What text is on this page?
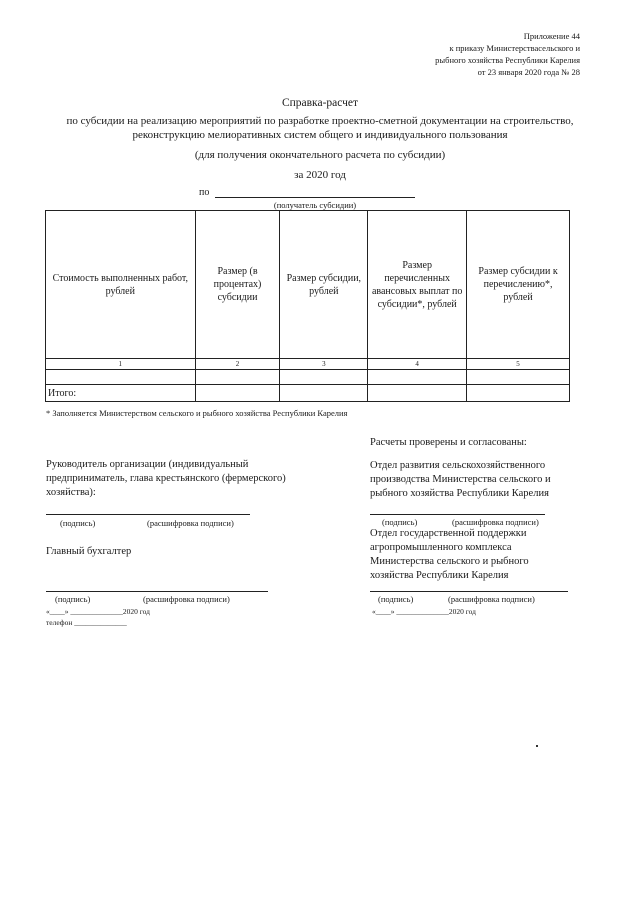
Приложение 44
к приказу Министерствасельского и
рыбного хозяйства Республики Карелия
от 23 января 2020 года № 28
Справка-расчет
по субсидии на реализацию мероприятий по разработке проектно-сметной документации на строительство,
реконструкцию мелиоративных систем общего и индивидуального пользования
(для получения окончательного расчета по субсидии)
за 2020 год
по
(получатель субсидии)
Стоимость выполненных работ, рублей	Размер (в процентах) субсидии	Размер субсидии, рублей	Размер перечисленных авансовых выплат по субсидии*, рублей	Размер субсидии к перечислению*, рублей
1	2	3	4	5

Итого:				
* Заполняется Министерством сельского и рыбного хозяйства Республики Карелия
Расчеты проверены и согласованы:
Отдел развития сельскохозяйственного
производства Министерства сельского и
рыбного хозяйства Республики Карелия
(подпись)	(расшифровка подписи)
Отдел государственной поддержки
агропромышленного комплекса
Министерства сельского и рыбного
хозяйства Республики Карелия
(подпись)	(расшифровка подписи)
«____» ______________2020 год
Руководитель организации (индивидуальный
предприниматель, глава крестьянского (фермерского)
хозяйства):
(подпись)	(расшифровка подписи)
Главный бухгалтер
(подпись)	(расшифровка подписи)
«____» ______________2020 год
телефон ______________
